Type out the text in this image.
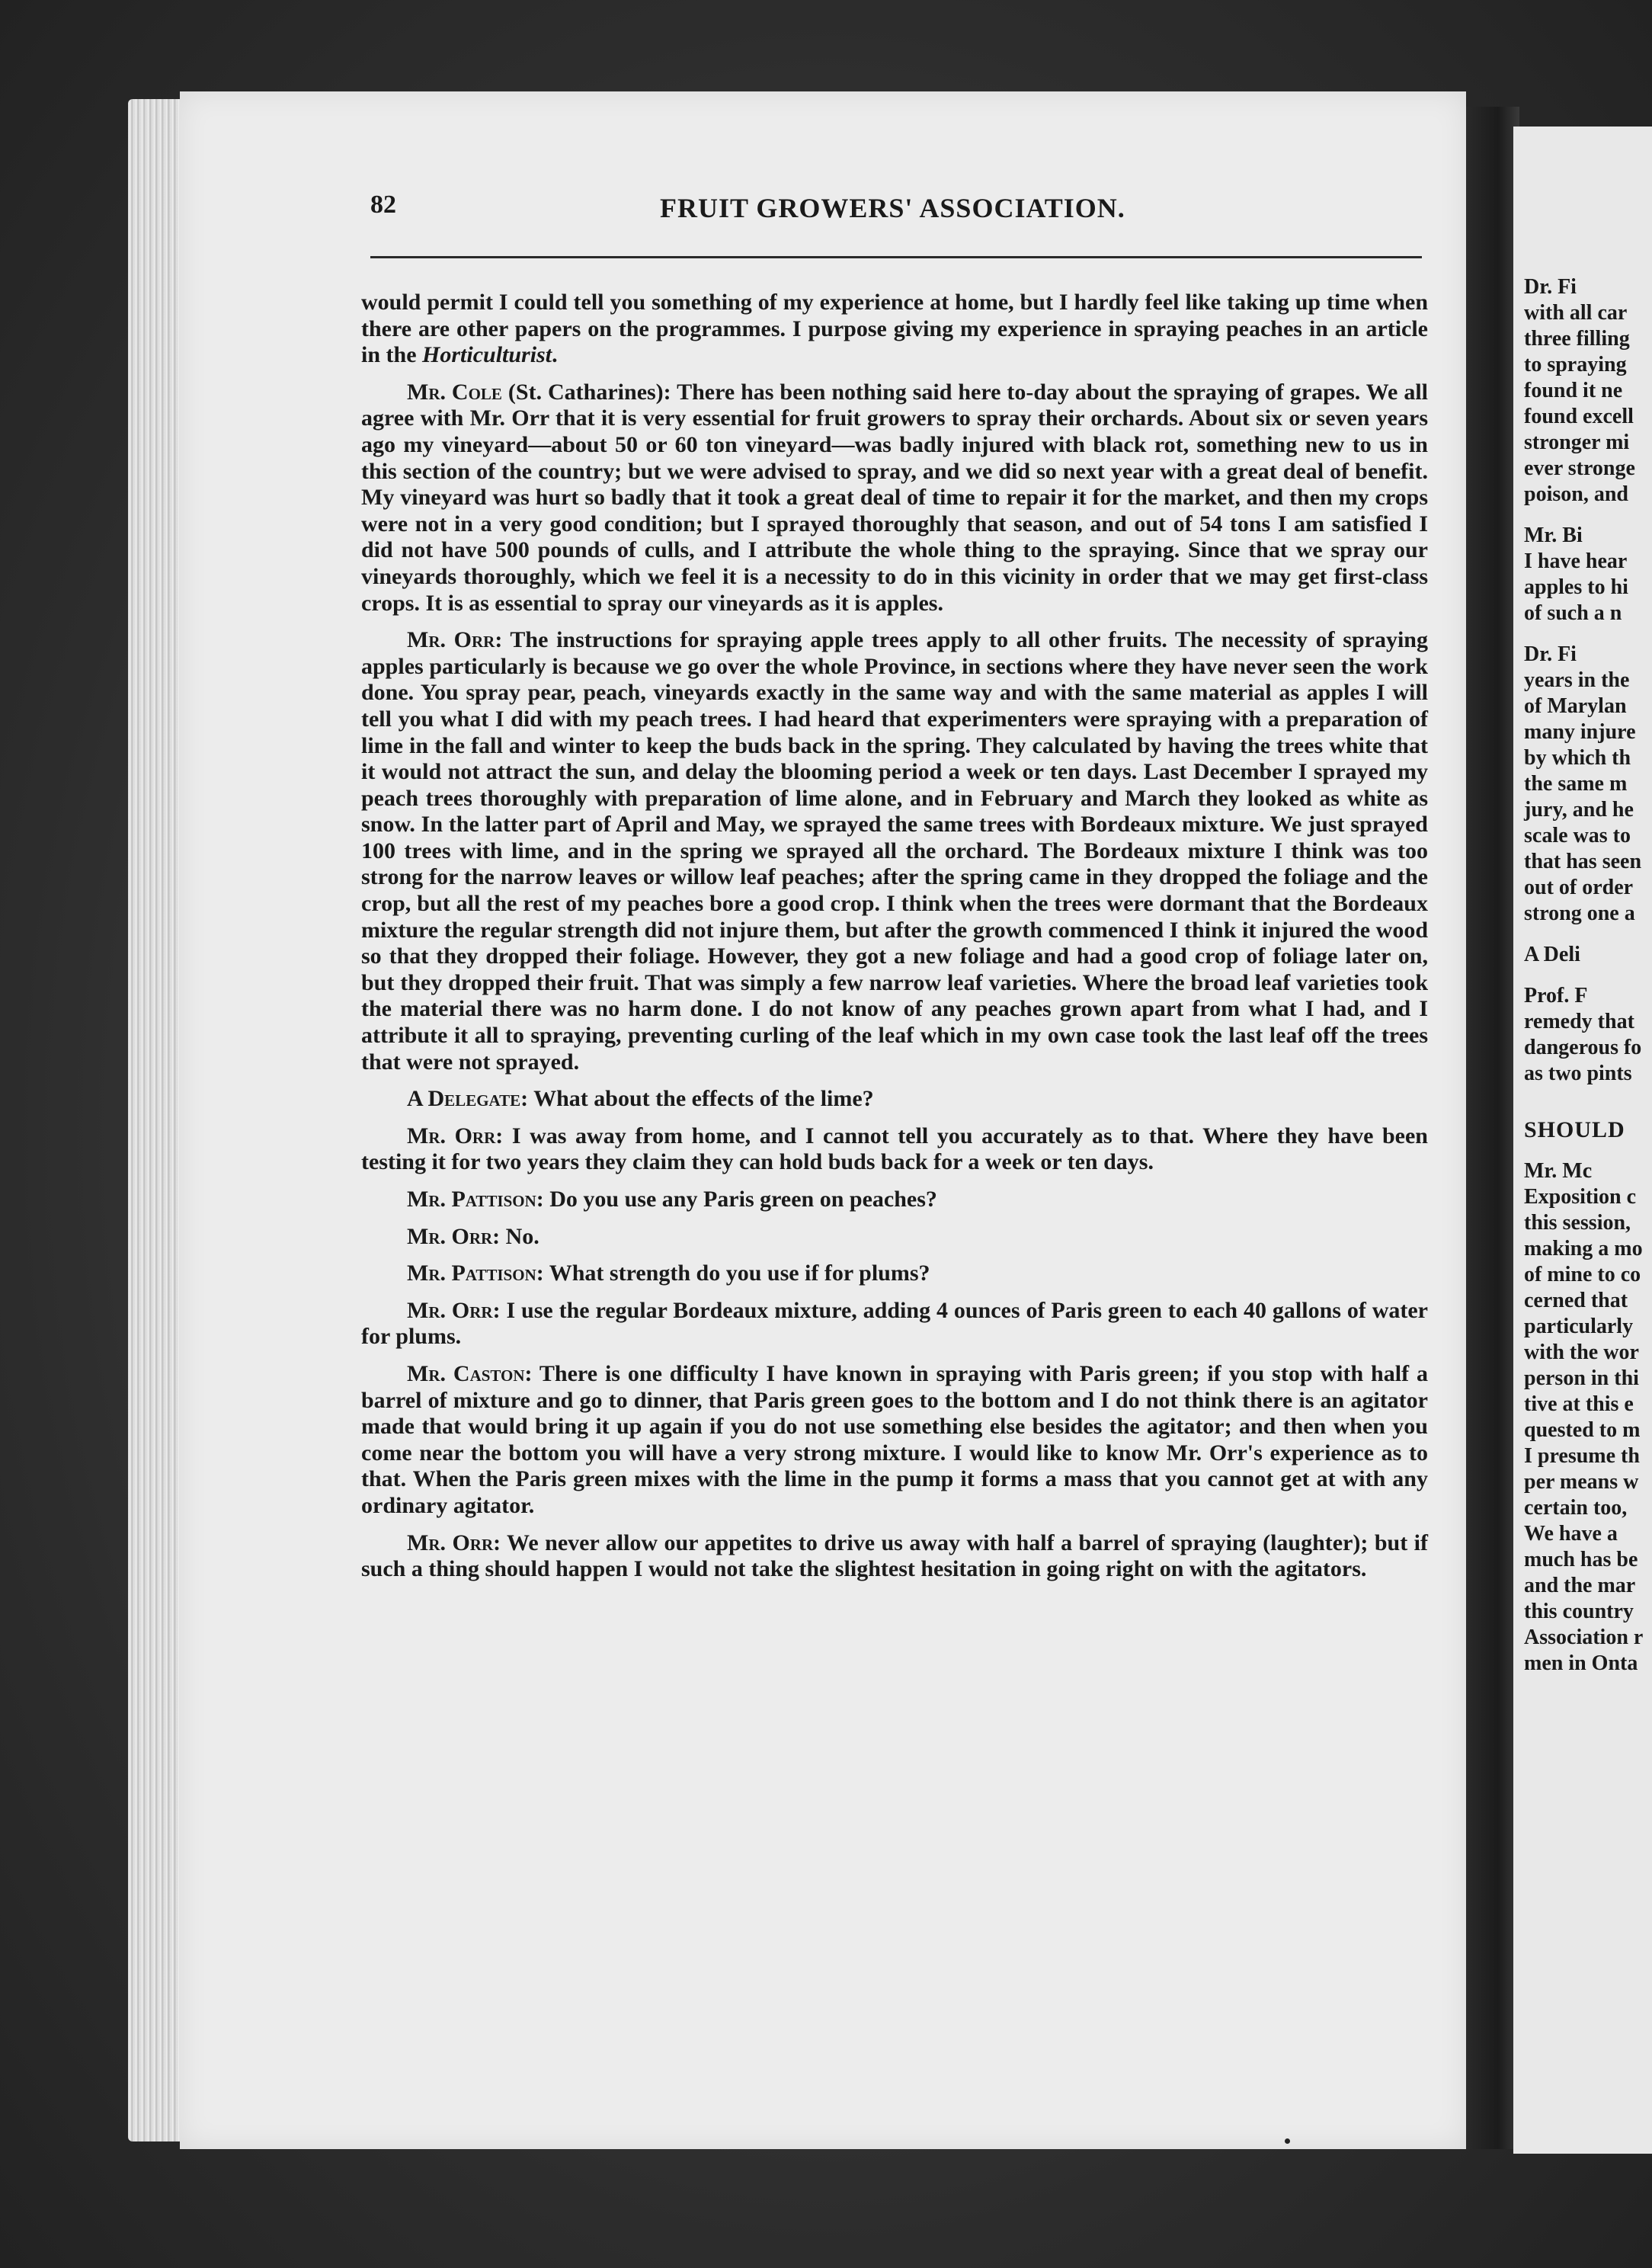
Dr. Fi
with all car
three filling
to spraying
found it ne
found excell
stronger mi
ever stronge
poison, and
Mr. Bi
I have hear
apples to hi
of such a n
Dr. Fi
years in the
of Marylan
many injure
by which th
the same m
jury, and he
scale was to
that has seen
out of order
strong one a
A Deli
Prof. F
remedy that
dangerous fo
as two pints
SHOULD
Mr. Mc
Exposition c
this session,
making a mo
of mine to co
cerned that
particularly
with the wor
person in thi
tive at this e
quested to m
I presume th
per means w
certain too,
We have a
much has be
and the mar
this country
Association r
men in Onta
82	FRUIT GROWERS' ASSOCIATION.

would permit I could tell you something of my experience at home, but I hardly feel like taking up time when there are other papers on the programmes. I purpose giving my experience in spraying peaches in an article in the Horticulturist.

Mr. Cole (St. Catharines): There has been nothing said here to-day about the spraying of grapes. We all agree with Mr. Orr that it is very essential for fruit growers to spray their orchards. About six or seven years ago my vineyard—about 50 or 60 ton vineyard—was badly injured with black rot, something new to us in this section of the country; but we were advised to spray, and we did so next year with a great deal of benefit. My vineyard was hurt so badly that it took a great deal of time to repair it for the market, and then my crops were not in a very good condition; but I sprayed thoroughly that season, and out of 54 tons I am satisfied I did not have 500 pounds of culls, and I attribute the whole thing to the spraying. Since that we spray our vineyards thoroughly, which we feel it is a necessity to do in this vicinity in order that we may get first-class crops. It is as essential to spray our vineyards as it is apples.

Mr. Orr: The instructions for spraying apple trees apply to all other fruits. The necessity of spraying apples particularly is because we go over the whole Province, in sections where they have never seen the work done. You spray pear, peach, vineyards exactly in the same way and with the same material as apples I will tell you what I did with my peach trees. I had heard that experimenters were spraying with a preparation of lime in the fall and winter to keep the buds back in the spring. They calculated by having the trees white that it would not attract the sun, and delay the blooming period a week or ten days. Last December I sprayed my peach trees thoroughly with preparation of lime alone, and in February and March they looked as white as snow. In the latter part of April and May, we sprayed the same trees with Bordeaux mixture. We just sprayed 100 trees with lime, and in the spring we sprayed all the orchard. The Bordeaux mixture I think was too strong for the narrow leaves or willow leaf peaches; after the spring came in they dropped the foliage and the crop, but all the rest of my peaches bore a good crop. I think when the trees were dormant that the Bordeaux mixture the regular strength did not injure them, but after the growth commenced I think it injured the wood so that they dropped their foliage. However, they got a new foliage and had a good crop of foliage later on, but they dropped their fruit. That was simply a few narrow leaf varieties. Where the broad leaf varieties took the material there was no harm done. I do not know of any peaches grown apart from what I had, and I attribute it all to spraying, preventing curling of the leaf which in my own case took the last leaf off the trees that were not sprayed.

A Delegate: What about the effects of the lime?

Mr. Orr: I was away from home, and I cannot tell you accurately as to that. Where they have been testing it for two years they claim they can hold buds back for a week or ten days.

Mr. Pattison: Do you use any Paris green on peaches?

Mr. Orr: No.

Mr. Pattison: What strength do you use if for plums?

Mr. Orr: I use the regular Bordeaux mixture, adding 4 ounces of Paris green to each 40 gallons of water for plums.

Mr. Caston: There is one difficulty I have known in spraying with Paris green; if you stop with half a barrel of mixture and go to dinner, that Paris green goes to the bottom and I do not think there is an agitator made that would bring it up again if you do not use something else besides the agitator; and then when you come near the bottom you will have a very strong mixture. I would like to know Mr. Orr's experience as to that. When the Paris green mixes with the lime in the pump it forms a mass that you cannot get at with any ordinary agitator.

Mr. Orr: We never allow our appetites to drive us away with half a barrel of spraying (laughter); but if such a thing should happen I would not take the slightest hesitation in going right on with the agitators.
